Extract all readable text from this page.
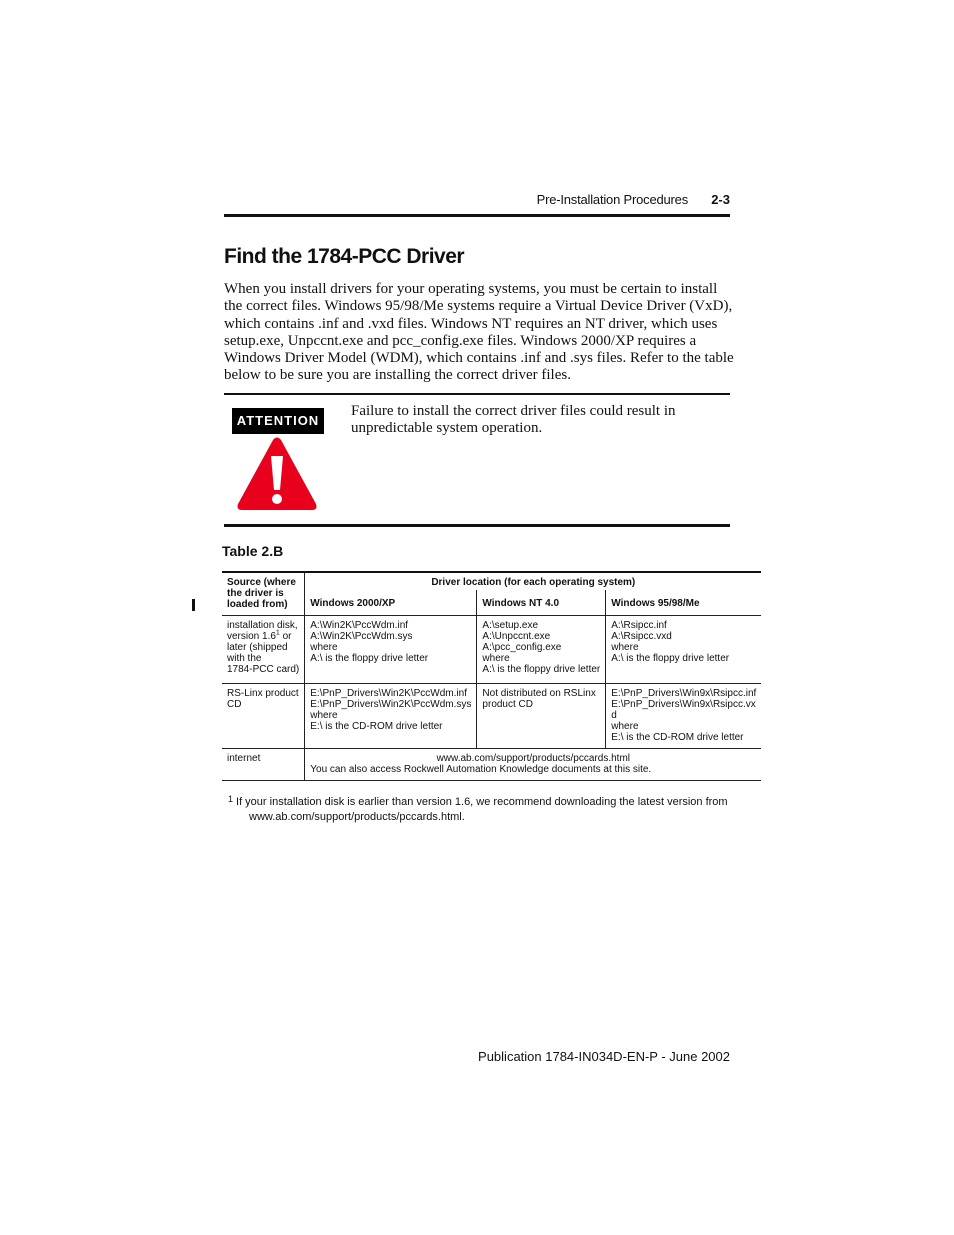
Pre-Installation Procedures 2-3
Find the 1784-PCC Driver

When you install drivers for your operating systems, you must be certain to install
the correct files. Windows 95/98/Me systems require a Virtual Device Driver (VxD),
which contains .inf and .vxd files. Windows NT requires an NT driver, which uses
setup.exe, Unpccnt.exe and pcc_config.exe files. Windows 2000/XP requires a
Windows Driver Model (WDM), which contains .inf and .sys files. Refer to the table
below to be sure you are installing the correct driver files.

ATTENTION

Failure to install the correct driver files could result in
unpredictable system operation.

Table 2.B
Source (where
the driver is
loaded from)	Driver location (for each operating system)		
	Windows 2000/XP	Windows NT 4.0	Windows 95/98/Me

installation disk,
version $1.6^1$ or
later (shipped
with the
1784-PCC card)	A:\Win2K\PccWdm.inf
A:\Win2K\PccWdm.sys
where
A:\ is the floppy drive letter	A:\setup.exe
A:\Unpccnt.exe
A:\pcc_config.exe
where
A:\ is the floppy drive letter	A:\Rsipcc.inf
A:\Rsipcc.vxd
where
A:\ is the floppy drive letter

RS-Linx product
CD	E:\PnP_Drivers\Win2K\PccWdm.inf
E:\PnP_Drivers\Win2K\PccWdm.sys
where
E:\ is the CD-ROM drive letter	Not distributed on RSLinx
product CD	E:\PnP_Drivers\Win9x\Rsipcc.inf
E:\PnP_Drivers\Win9x\Rsipcc.vx
d
where
E:\ is the CD-ROM drive letter

internet	www.ab.com/support/products/pccards.html
You can also access Rockwell Automation Knowledge documents at this site.		
$^1$ If your installation disk is earlier than version 1.6, we recommend downloading the latest version from
www.ab.com/support/products/pccards.html.
Publication 1784-IN034D-EN-P - June 2002
